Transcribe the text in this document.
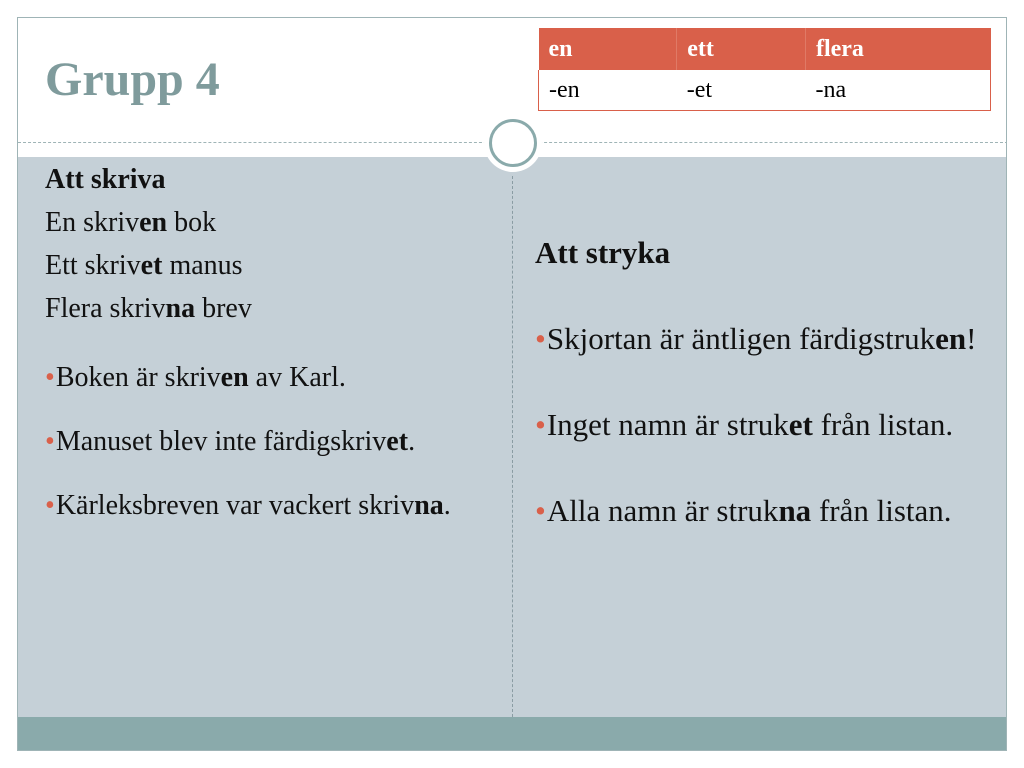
Grupp 4
en	ett	flera
-en	-et	-na

Att skriva

En skriven bok

Ett skrivet manus

Flera skrivna brev

•Boken är skriven av Karl.

•Manuset blev inte färdigskrivet.

•Kärleksbreven var vackert skrivna.

Att stryka

•Skjortan är äntligen färdigstruken!

•Inget namn är struket från listan.

•Alla namn är strukna från listan.
